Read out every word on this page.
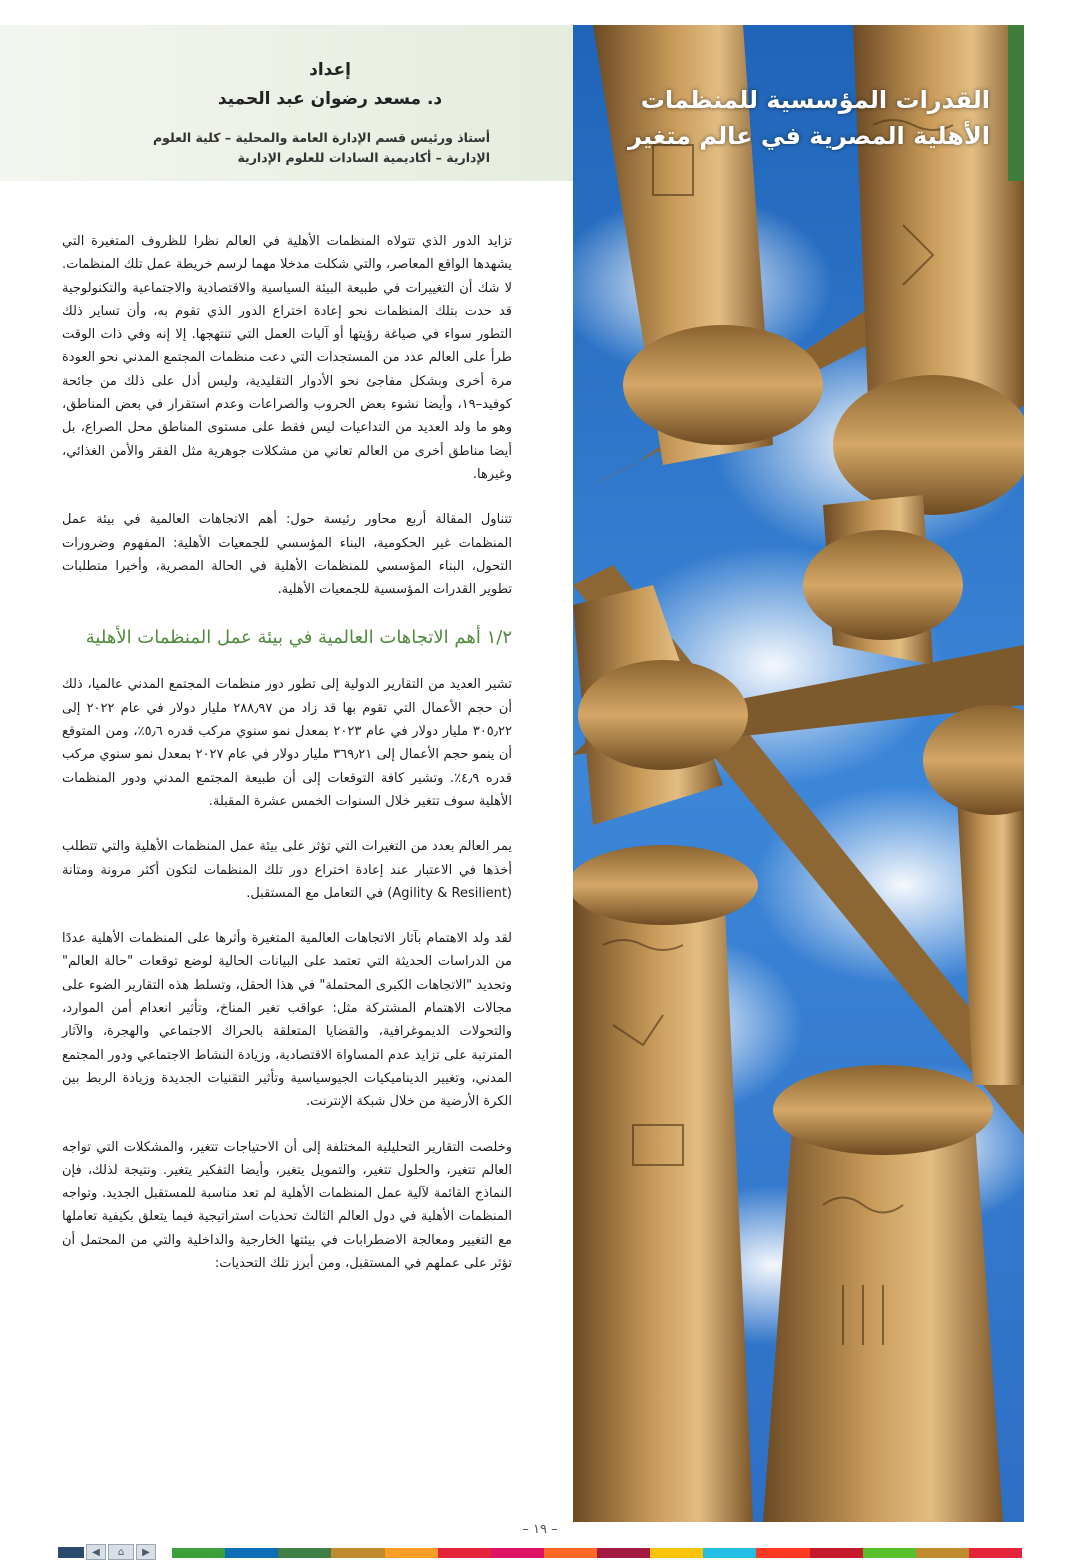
القدرات المؤسسية للمنظمات الأهلية المصرية في عالم متغير
إعداد
د. مسعد رضوان عبد الحميد

أستاذ ورئيس قسم الإدارة العامة والمحلية – كلية العلوم الإدارية – أكاديمية السادات للعلوم الإدارية

تزايد الدور الذي تتولاه المنظمات الأهلية في العالم نظرا للظروف المتغيرة التي يشهدها الواقع المعاصر، والتي شكلت مدخلا مهما لرسم خريطة عمل تلك المنظمات. لا شك أن التغييرات في طبيعة البيئة السياسية والاقتصادية والاجتماعية والتكنولوجية قد حدت بتلك المنظمات نحو إعادة اختراع الدور الذي تقوم به، وأن تساير ذلك التطور سواء في صياغة رؤيتها أو آليات العمل التي تنتهجها. إلا إنه وفي ذات الوقت طرأ على العالم عدد من المستجدات التي دعت منظمات المجتمع المدني نحو العودة مرة أخرى وبشكل مفاجئ نحو الأدوار التقليدية، وليس أدل على ذلك من جائحة كوفيد–١٩، وأيضا نشوء بعض الحروب والصراعات وعدم استقرار في بعض المناطق، وهو ما ولد العديد من التداعيات ليس فقط على مستوى المناطق محل الصراع، بل أيضا مناطق أخرى من العالم تعاني من مشكلات جوهرية مثل الفقر والأمن الغذائي، وغيرها.

تتناول المقالة أربع محاور رئيسة حول: أهم الاتجاهات العالمية في بيئة عمل المنظمات غير الحكومية، البناء المؤسسي للجمعيات الأهلية: المفهوم وضرورات التحول، البناء المؤسسي للمنظمات الأهلية في الحالة المصرية، وأخيرا متطلبات تطوير القدرات المؤسسية للجمعيات الأهلية.

١/٢ أهم الاتجاهات العالمية في بيئة عمل المنظمات الأهلية

تشير العديد من التقارير الدولية إلى تطور دور منظمات المجتمع المدني عالميا، ذلك أن حجم الأعمال التي تقوم بها قد زاد من ٢٨٨٫٩٧ مليار دولار في عام ٢٠٢٢ إلى ٣٠٥٫٢٢ مليار دولار في عام ٢٠٢٣ بمعدل نمو سنوي مركب قدره ٥٫٦٪، ومن المتوقع أن ينمو حجم الأعمال إلى ٣٦٩٫٢١ مليار دولار في عام ٢٠٢٧ بمعدل نمو سنوي مركب قدره ٤٫٩٪. وتشير كافة التوقعات إلى أن طبيعة المجتمع المدني ودور المنظمات الأهلية سوف تتغير خلال السنوات الخمس عشرة المقبلة.

يمر العالم بعدد من التغيرات التي تؤثر على بيئة عمل المنظمات الأهلية والتي تتطلب أخذها في الاعتبار عند إعادة اختراع دور تلك المنظمات لتكون أكثر مرونة ومتانة (Agility & Resilient) في التعامل مع المستقبل.

لقد ولد الاهتمام بآثار الاتجاهات العالمية المتغيرة وأثرها على المنظمات الأهلية عددًا من الدراسات الحديثة التي تعتمد على البيانات الحالية لوضع توقعات "حالة العالم" وتحديد "الاتجاهات الكبرى المحتملة" في هذا الحقل، وتسلط هذه التقارير الضوء على مجالات الاهتمام المشتركة مثل: عواقب تغير المناخ، وتأثير انعدام أمن الموارد، والتحولات الديموغرافية، والقضايا المتعلقة بالحراك الاجتماعي والهجرة، والآثار المترتبة على تزايد عدم المساواة الاقتصادية، وزيادة النشاط الاجتماعي ودور المجتمع المدني، وتغيير الديناميكيات الجيوسياسية وتأثير التقنيات الجديدة وزيادة الربط بين الكرة الأرضية من خلال شبكة الإنترنت.

وخلصت التقارير التحليلية المختلفة إلى أن الاحتياجات تتغير، والمشكلات التي تواجه العالم تتغير، والحلول تتغير، والتمويل يتغير، وأيضا التفكير يتغير. ونتيجة لذلك، فإن النماذج القائمة لآلية عمل المنظمات الأهلية لم تعد مناسبة للمستقبل الجديد. وتواجه المنظمات الأهلية في دول العالم الثالث تحديات استراتيجية فيما يتعلق بكيفية تعاملها مع التغيير ومعالجة الاضطرابات في بيئتها الخارجية والداخلية والتي من المحتمل أن تؤثر على عملهم في المستقبل، ومن أبرز تلك التحديات:

– ١٩ –
◀	⌂	▶
